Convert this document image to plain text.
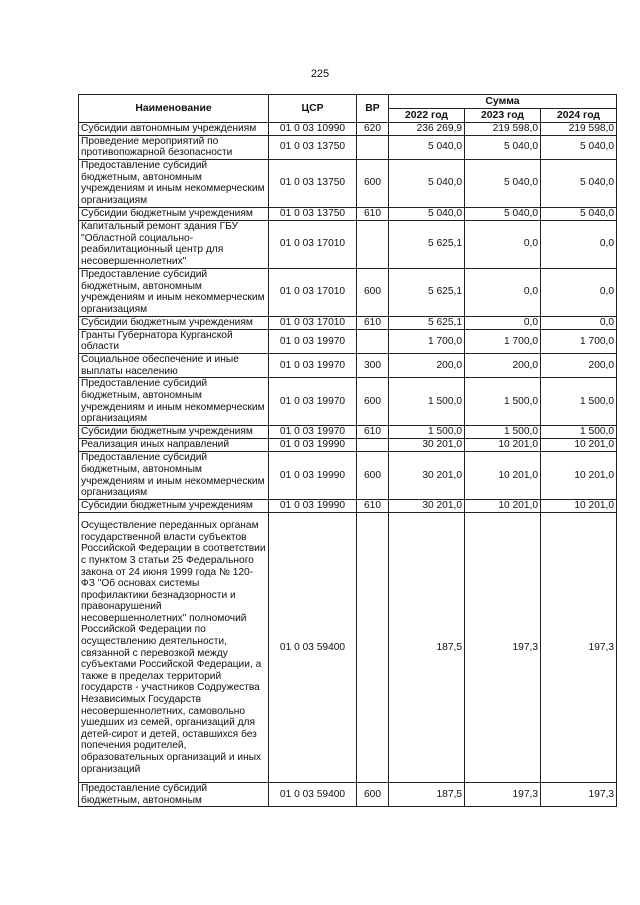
225
Наименование	ЦСР	ВР	Сумма		
			2022 год	2023 год	2024 год
Субсидии автономным учреждениям	01 0 03 10990	620	236 269,9	219 598,0	219 598,0
Проведение мероприятий по противопожарной безопасности	01 0 03 13750		5 040,0	5 040,0	5 040,0
Предоставление субсидий бюджетным, автономным учреждениям и иным некоммерческим организациям	01 0 03 13750	600	5 040,0	5 040,0	5 040,0
Субсидии бюджетным учреждениям	01 0 03 13750	610	5 040,0	5 040,0	5 040,0
Капитальный ремонт здания ГБУ "Областной социально-реабилитационный центр для несовершеннолетних"	01 0 03 17010		5 625,1	0,0	0,0
Предоставление субсидий бюджетным, автономным учреждениям и иным некоммерческим организациям	01 0 03 17010	600	5 625,1	0,0	0,0
Субсидии бюджетным учреждениям	01 0 03 17010	610	5 625,1	0,0	0,0
Гранты Губернатора Курганской области	01 0 03 19970		1 700,0	1 700,0	1 700,0
Социальное обеспечение и иные выплаты населению	01 0 03 19970	300	200,0	200,0	200,0
Предоставление субсидий бюджетным, автономным учреждениям и иным некоммерческим организациям	01 0 03 19970	600	1 500,0	1 500,0	1 500,0
Субсидии бюджетным учреждениям	01 0 03 19970	610	1 500,0	1 500,0	1 500,0
Реализация иных направлений	01 0 03 19990		30 201,0	10 201,0	10 201,0
Предоставление субсидий бюджетным, автономным учреждениям и иным некоммерческим организациям	01 0 03 19990	600	30 201,0	10 201,0	10 201,0
Субсидии бюджетным учреждениям	01 0 03 19990	610	30 201,0	10 201,0	10 201,0
Осуществление переданных органам государственной власти субъектов Российской Федерации в соответствии с пунктом 3 статьи 25 Федерального закона от 24 июня 1999 года № 120-ФЗ "Об основах системы профилактики безнадзорности и правонарушений несовершеннолетних" полномочий Российской Федерации по осуществлению деятельности, связанной с перевозкой между субъектами Российской Федерации, а также в пределах территорий государств - участников Содружества Независимых Государств несовершеннолетних, самовольно ушедших из семей, организаций для детей-сирот и детей, оставшихся без попечения родителей, образовательных организаций и иных организаций	01 0 03 59400		187,5	197,3	197,3
Предоставление субсидий бюджетным, автономным	01 0 03 59400	600	187,5	197,3	197,3
